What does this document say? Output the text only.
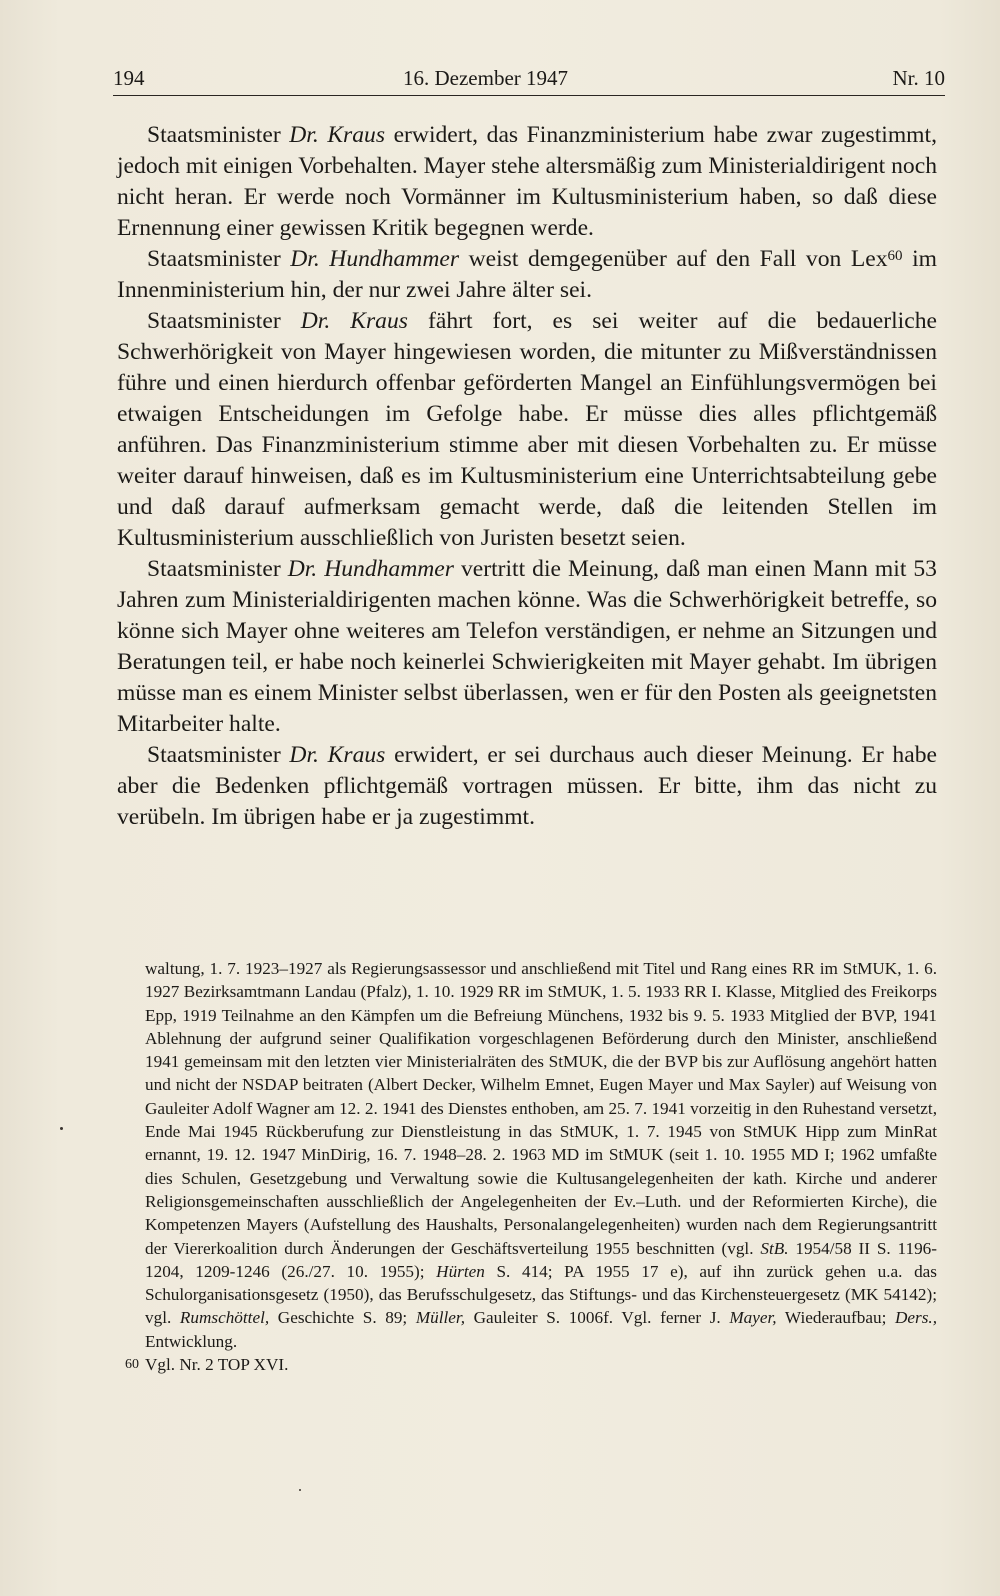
194	16. Dezember 1947	Nr. 10

Staatsminister Dr. Kraus erwidert, das Finanzministerium habe zwar zugestimmt, jedoch mit einigen Vorbehalten. Mayer stehe altersmäßig zum Ministerialdirigent noch nicht heran. Er werde noch Vormänner im Kultusministerium haben, so daß diese Ernennung einer gewissen Kritik begegnen werde.

Staatsminister Dr. Hundhammer weist demgegenüber auf den Fall von Lex$^{60}$ im Innenministerium hin, der nur zwei Jahre älter sei.

Staatsminister Dr. Kraus fährt fort, es sei weiter auf die bedauerliche Schwerhörigkeit von Mayer hingewiesen worden, die mitunter zu Mißverständnissen führe und einen hierdurch offenbar geförderten Mangel an Einfühlungsvermögen bei etwaigen Entscheidungen im Gefolge habe. Er müsse dies alles pflichtgemäß anführen. Das Finanzministerium stimme aber mit diesen Vorbehalten zu. Er müsse weiter darauf hinweisen, daß es im Kultusministerium eine Unterrichtsabteilung gebe und daß darauf aufmerksam gemacht werde, daß die leitenden Stellen im Kultusministerium ausschließlich von Juristen besetzt seien.

Staatsminister Dr. Hundhammer vertritt die Meinung, daß man einen Mann mit 53 Jahren zum Ministerialdirigenten machen könne. Was die Schwerhörigkeit betreffe, so könne sich Mayer ohne weiteres am Telefon verständigen, er nehme an Sitzungen und Beratungen teil, er habe noch keinerlei Schwierigkeiten mit Mayer gehabt. Im übrigen müsse man es einem Minister selbst überlassen, wen er für den Posten als geeignetsten Mitarbeiter halte.

Staatsminister Dr. Kraus erwidert, er sei durchaus auch dieser Meinung. Er habe aber die Bedenken pflichtgemäß vortragen müssen. Er bitte, ihm das nicht zu verübeln. Im übrigen habe er ja zugestimmt.

waltung, 1. 7. 1923–1927 als Regierungsassessor und anschließend mit Titel und Rang eines RR im StMUK, 1. 6. 1927 Bezirksamtmann Landau (Pfalz), 1. 10. 1929 RR im StMUK, 1. 5. 1933 RR I. Klasse, Mitglied des Freikorps Epp, 1919 Teilnahme an den Kämpfen um die Befreiung Münchens, 1932 bis 9. 5. 1933 Mitglied der BVP, 1941 Ablehnung der aufgrund seiner Qualifikation vorgeschlagenen Beförderung durch den Minister, anschließend 1941 gemeinsam mit den letzten vier Ministerialräten des StMUK, die der BVP bis zur Auflösung angehört hatten und nicht der NSDAP beitraten (Albert Decker, Wilhelm Emnet, Eugen Mayer und Max Sayler) auf Weisung von Gauleiter Adolf Wagner am 12. 2. 1941 des Dienstes enthoben, am 25. 7. 1941 vorzeitig in den Ruhestand versetzt, Ende Mai 1945 Rückberufung zur Dienstleistung in das StMUK, 1. 7. 1945 von StMUK Hipp zum MinRat ernannt, 19. 12. 1947 MinDirig, 16. 7. 1948–28. 2. 1963 MD im StMUK (seit 1. 10. 1955 MD I; 1962 umfaßte dies Schulen, Gesetzgebung und Verwaltung sowie die Kultusangelegenheiten der kath. Kirche und anderer Religionsgemeinschaften ausschließlich der Angelegenheiten der Ev.–Luth. und der Reformierten Kirche), die Kompetenzen Mayers (Aufstellung des Haushalts, Personalangelegenheiten) wurden nach dem Regierungsantritt der Viererkoalition durch Änderungen der Geschäftsverteilung 1955 beschnitten (vgl. StB. 1954/58 II S. 1196-1204, 1209-1246 (26./27. 10. 1955); Hürten S. 414; PA 1955 17 e), auf ihn zurück gehen u.a. das Schulorganisationsgesetz (1950), das Berufsschulgesetz, das Stiftungs- und das Kirchensteuergesetz (MK 54142); vgl. Rumschöttel, Geschichte S. 89; Müller, Gauleiter S. 1006f. Vgl. ferner J. Mayer, Wiederaufbau; Ders., Entwicklung.

60 Vgl. Nr. 2 TOP XVI.
